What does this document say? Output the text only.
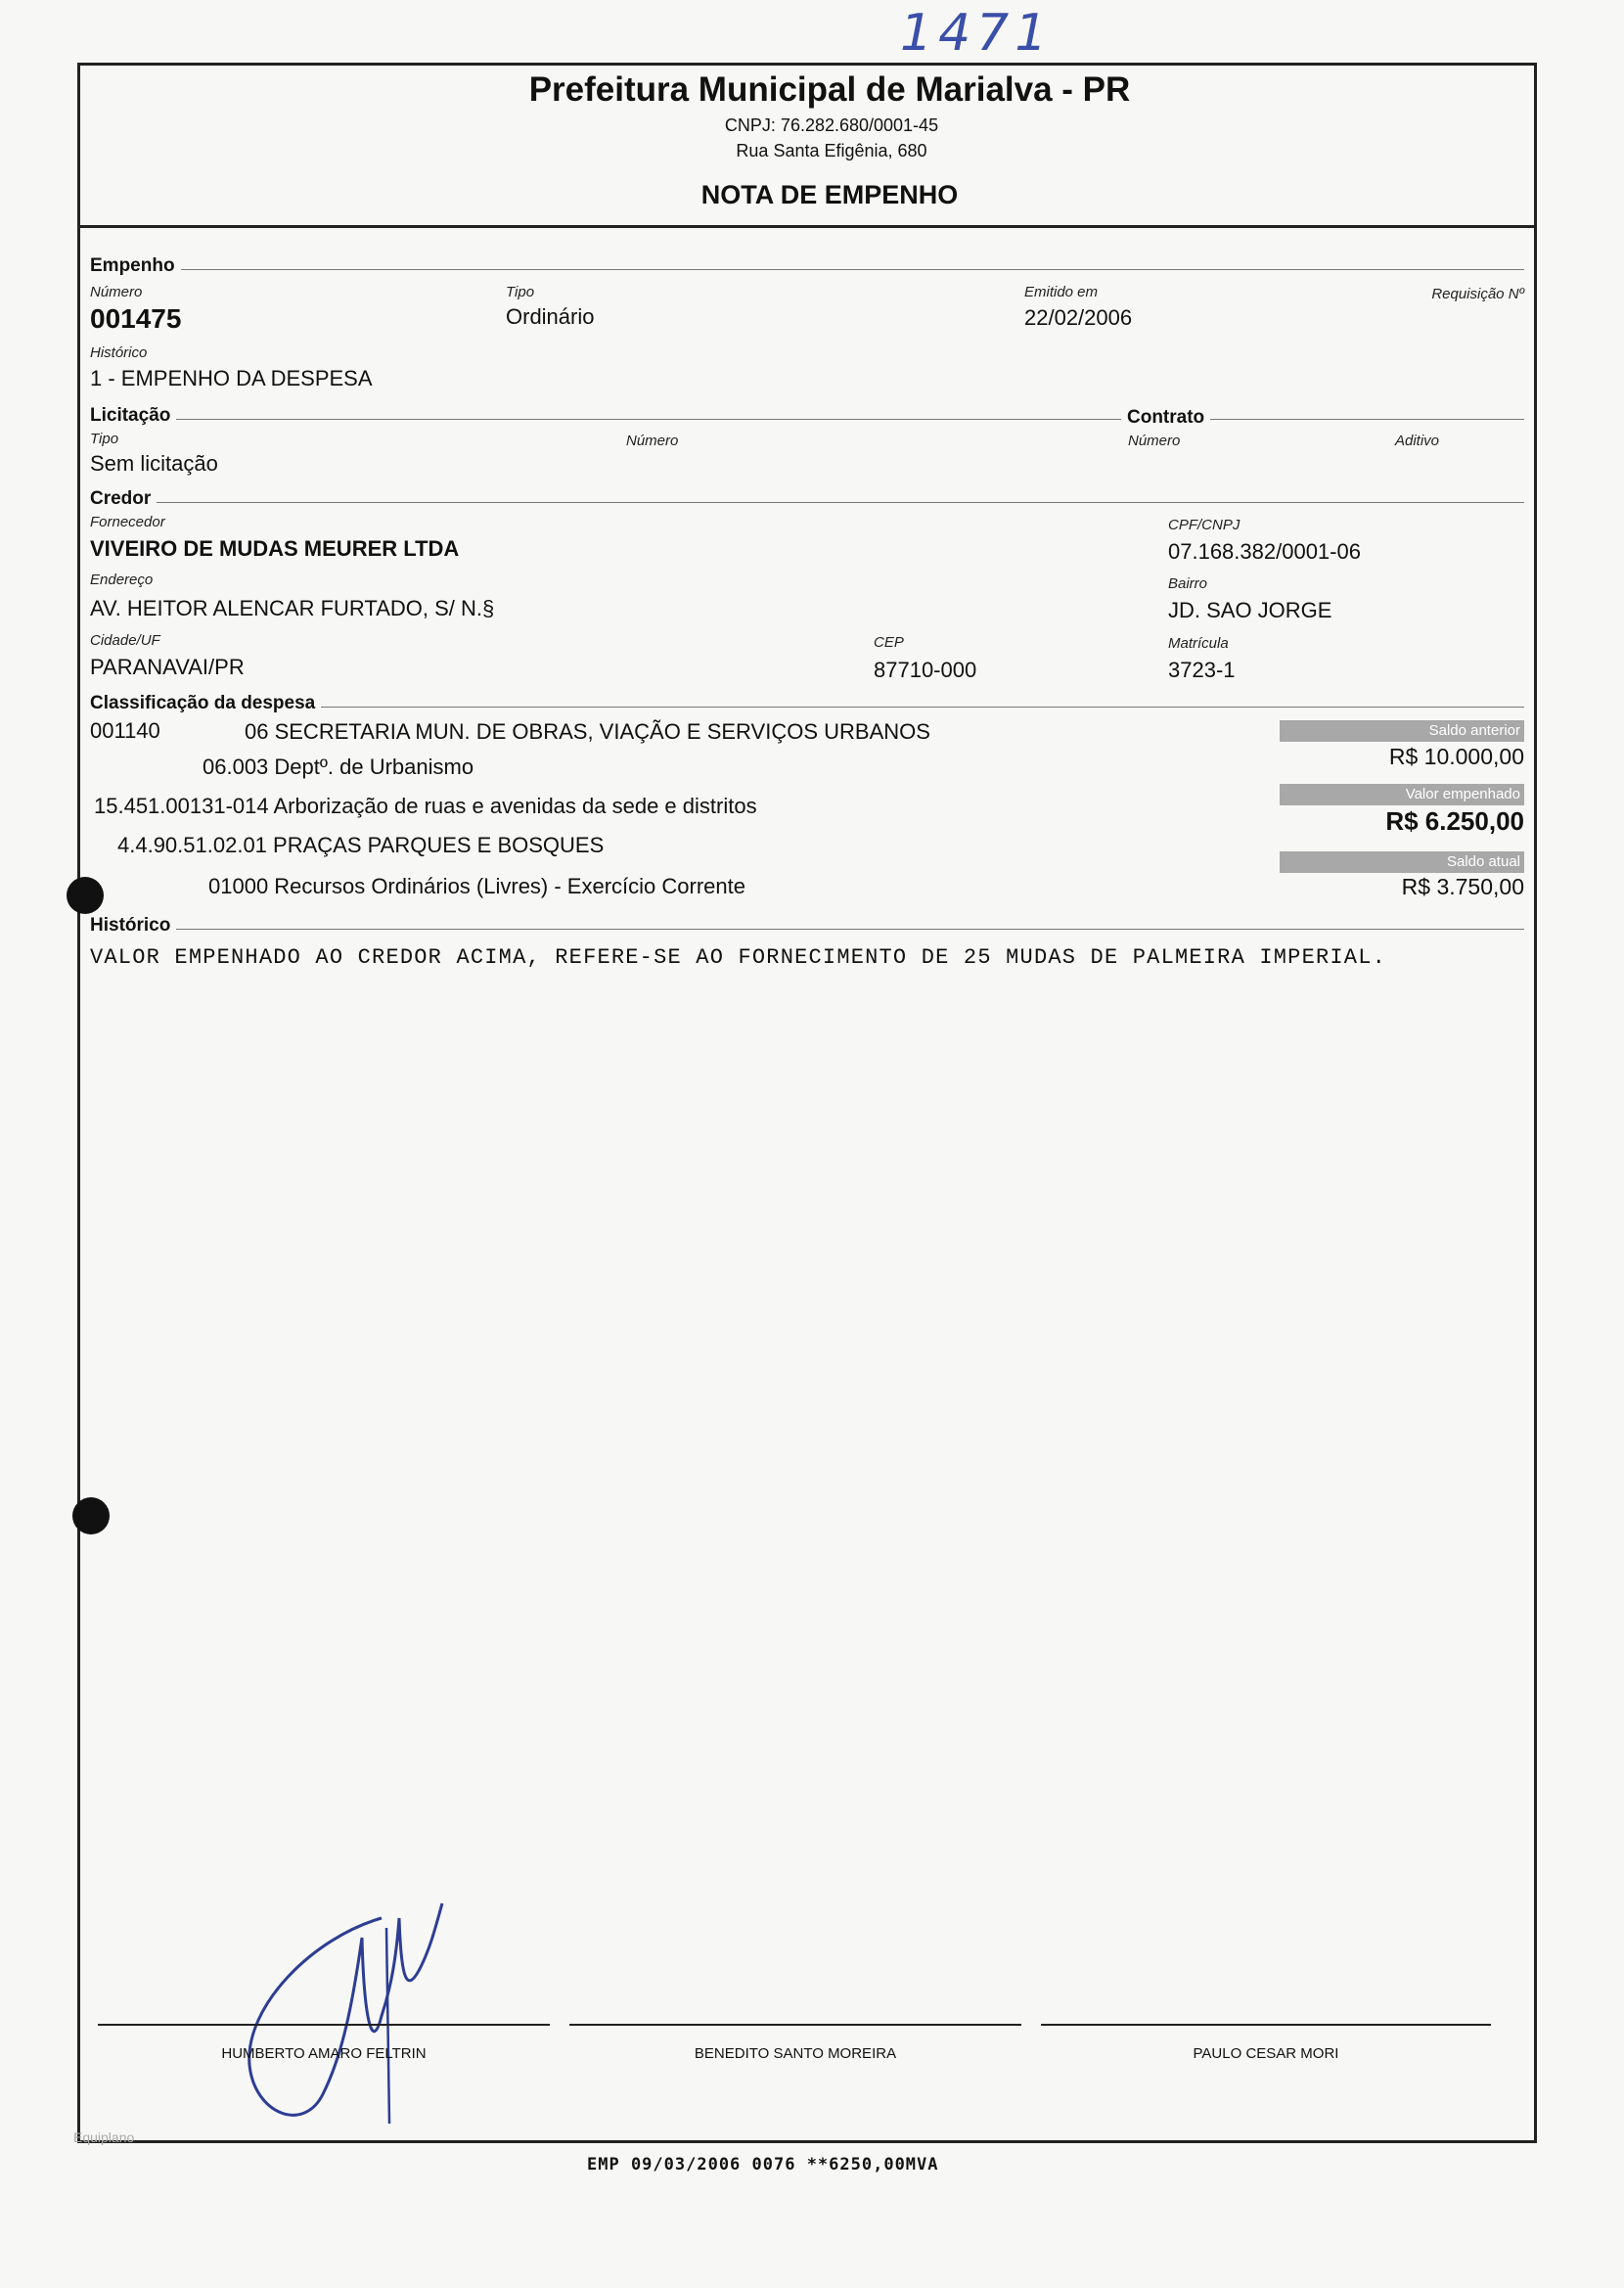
1471
Prefeitura Municipal de Marialva - PR
CNPJ: 76.282.680/0001-45
Rua Santa Efigênia, 680
NOTA DE EMPENHO
Empenho
Número
001475
Tipo
Ordinário
Emitido em
22/02/2006
Requisição Nº
Histórico
1 - EMPENHO DA DESPESA
Licitação	Contrato
Tipo
Sem licitação
Número	Número	Aditivo
Credor
Fornecedor
VIVEIRO DE MUDAS MEURER LTDA
CPF/CNPJ
07.168.382/0001-06
Endereço
AV. HEITOR ALENCAR FURTADO, S/ N.§
Bairro
JD. SAO JORGE
Cidade/UF
PARANAVAI/PR
CEP
87710-000
Matrícula
3723-1
Classificação da despesa
001140	06 SECRETARIA MUN. DE OBRAS, VIAÇÃO E SERVIÇOS URBANOS
06.003 Deptº. de Urbanismo
15.451.00131-014 Arborização de ruas e avenidas da sede e distritos
4.4.90.51.02.01 PRAÇAS PARQUES E BOSQUES
01000 Recursos Ordinários (Livres) - Exercício Corrente
Saldo anterior
R$ 10.000,00
Valor empenhado
R$ 6.250,00
Saldo atual
R$ 3.750,00
Histórico
VALOR EMPENHADO AO CREDOR ACIMA, REFERE-SE AO FORNECIMENTO DE 25 MUDAS DE PALMEIRA IMPERIAL.
HUMBERTO AMARO FELTRIN	BENEDITO SANTO MOREIRA	PAULO CESAR MORI
Equiplano
EMP 09/03/2006 0076 **6250,00MVA
